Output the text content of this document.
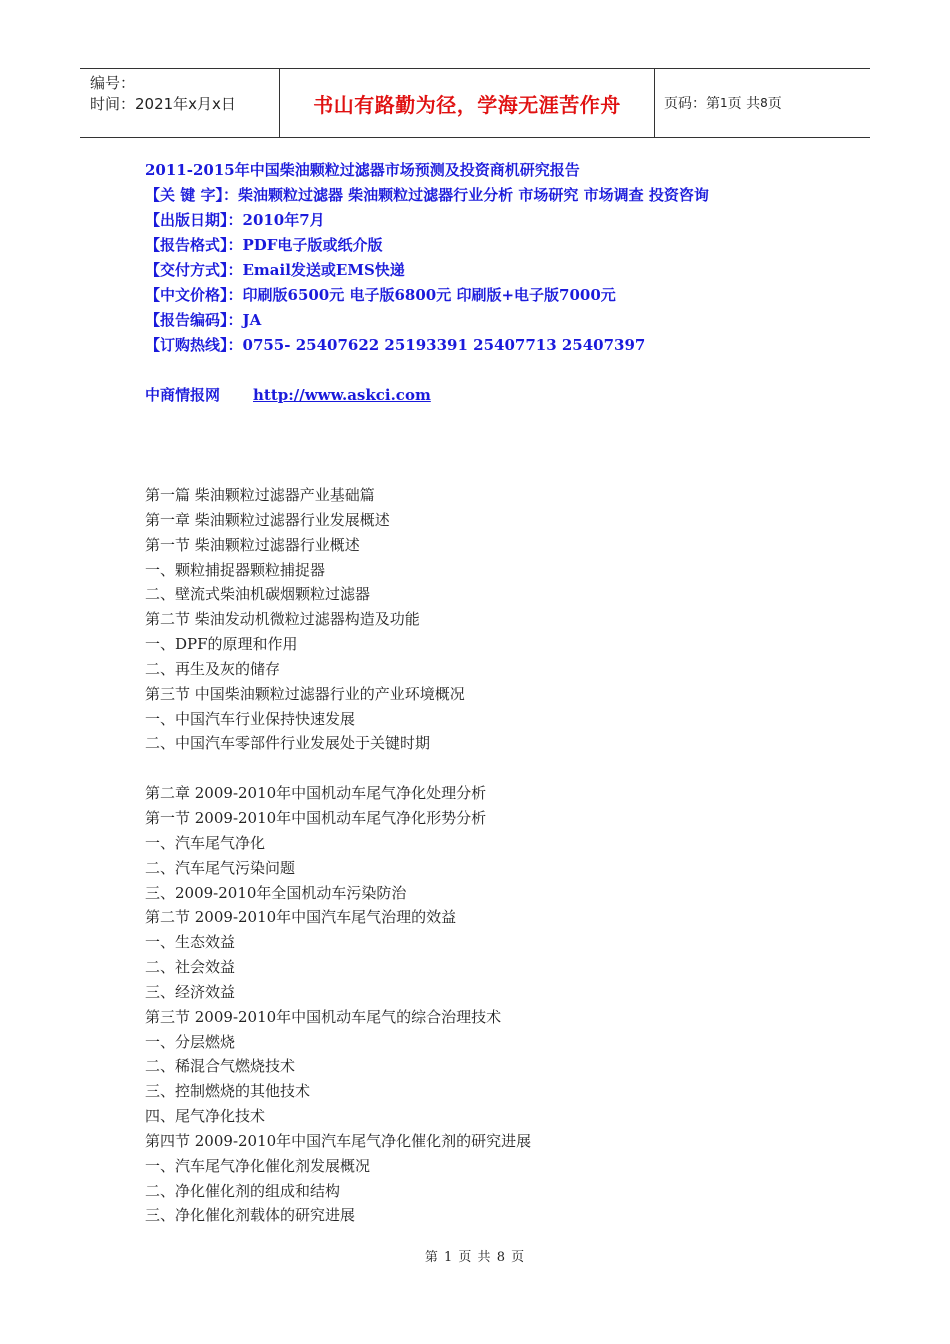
编号：
时间：2021年x月x日	书山有路勤为径，学海无涯苦作舟	页码：第 1 页 共 8 页
2011-2015年中国柴油颗粒过滤器市场预测及投资商机研究报告
【关 键 字】：柴油颗粒过滤器 柴油颗粒过滤器行业分析 市场研究 市场调查 投资咨询
【出版日期】：2010年7月
【报告格式】：PDF电子版或纸介版
【交付方式】：Email发送或EMS快递
【中文价格】：印刷版6500元 电子版6800元 印刷版+电子版7000元
【报告编码】：JA
【订购热线】：0755- 25407622 25193391 25407713 25407397
中商情报网 http://www.askci.com
第一篇 柴油颗粒过滤器产业基础篇
第一章 柴油颗粒过滤器行业发展概述
第一节 柴油颗粒过滤器行业概述
一、颗粒捕捉器颗粒捕捉器
二、壁流式柴油机碳烟颗粒过滤器
第二节 柴油发动机微粒过滤器构造及功能
一、DPF的原理和作用
二、再生及灰的储存
第三节 中国柴油颗粒过滤器行业的产业环境概况
一、中国汽车行业保持快速发展
二、中国汽车零部件行业发展处于关键时期
第二章 2009-2010年中国机动车尾气净化处理分析
第一节 2009-2010年中国机动车尾气净化形势分析
一、汽车尾气净化
二、汽车尾气污染问题
三、2009-2010年全国机动车污染防治
第二节 2009-2010年中国汽车尾气治理的效益
一、生态效益
二、社会效益
三、经济效益
第三节 2009-2010年中国机动车尾气的综合治理技术
一、分层燃烧
二、稀混合气燃烧技术
三、控制燃烧的其他技术
四、尾气净化技术
第四节 2009-2010年中国汽车尾气净化催化剂的研究进展
一、汽车尾气净化催化剂发展概况
二、净化催化剂的组成和结构
三、净化催化剂载体的研究进展
第 1 页 共 8 页
